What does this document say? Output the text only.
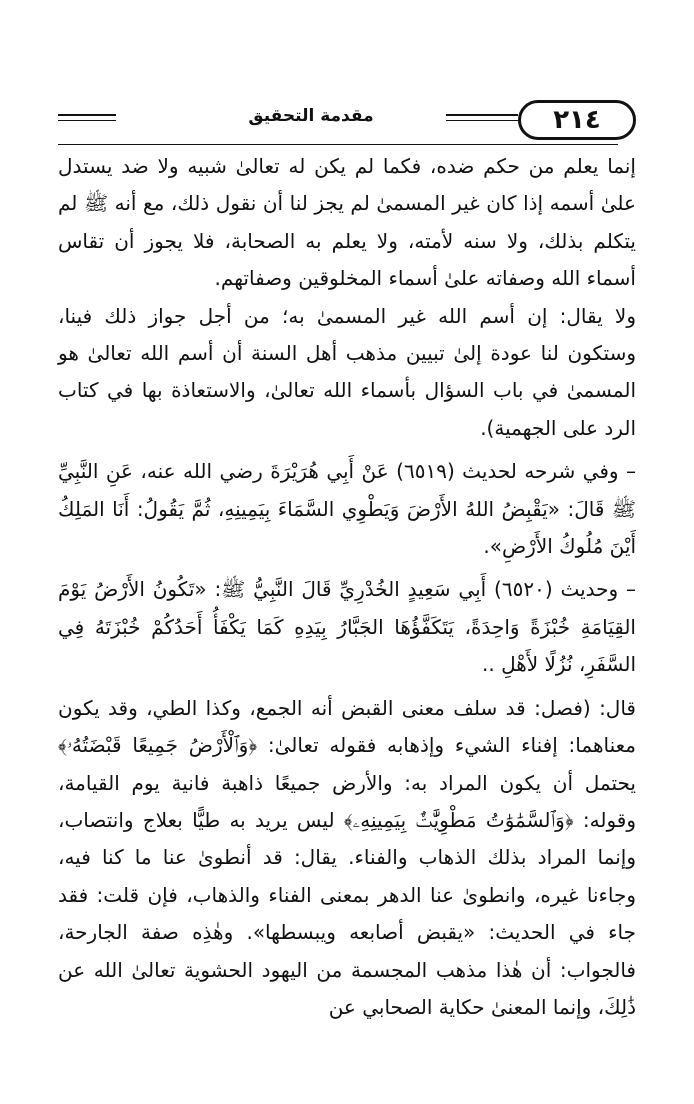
٢١٤
مقدمة التحقيق

إنما يعلم من حكم ضده، فكما لم يكن له تعالىٰ شبيه ولا ضد يستدل علىٰ أسمه إذا كان غير المسمىٰ لم يجز لنا أن نقول ذلك، مع أنه ﷺ لم يتكلم بذلك، ولا سنه لأمته، ولا يعلم به الصحابة، فلا يجوز أن تقاس أسماء الله وصفاته علىٰ أسماء المخلوقين وصفاتهم.

ولا يقال: إن أسم الله غير المسمىٰ به؛ من أجل جواز ذلك فينا، وستكون لنا عودة إلىٰ تبيين مذهب أهل السنة أن أسم الله تعالىٰ هو المسمىٰ في باب السؤال بأسماء الله تعالىٰ، والاستعاذة بها في كتاب الرد على الجهمية).

– وفي شرحه لحديث (٦٥١٩) عَنْ أَبِي هُرَيْرَةَ رضي الله عنه، عَنِ النَّبِيِّ ﷺ قَالَ: «يَقْبِضُ اللهُ الأَرْضَ وَيَطْوِي السَّمَاءَ بِيَمِينِهِ، ثُمَّ يَقُولُ: أَنَا المَلِكُ أَيْنَ مُلُوكُ الأَرْضِ».

– وحديث (٦٥٢٠) أَبِي سَعِيدٍ الخُدْرِيِّ قَالَ النَّبِيُّ ﷺ: «تَكُونُ الأَرْضُ يَوْمَ القِيَامَةِ خُبْزَةً وَاحِدَةً، يَتَكَفَّؤُهَا الجَبَّارُ بِيَدِهِ كَمَا يَكْفَأُ أَحَدُكُمْ خُبْزَتَهُ فِي السَّفَرِ، نُزُلًا لأَهْلِ ..

قال: (فصل: قد سلف معنى القبض أنه الجمع، وكذا الطي، وقد يكون معناهما: إفناء الشيء وإذهابه فقوله تعالىٰ: ﴿وَٱلْأَرْضُ جَمِيعًا قَبْضَتُهُۥ﴾ يحتمل أن يكون المراد به: والأرض جميعًا ذاهبة فانية يوم القيامة، وقوله: ﴿وَٱلسَّمَٰوَٰتُ مَطْوِيَّٰتٌۢ بِيَمِينِهِۦ﴾ ليس يريد به طيًّا بعلاج وانتصاب، وإنما المراد بذلك الذهاب والفناء. يقال: قد أنطوىٰ عنا ما كنا فيه، وجاءنا غيره، وانطوىٰ عنا الدهر بمعنى الفناء والذهاب، فإن قلت: فقد جاء في الحديث: «يقبض أصابعه ويبسطها». وهٰذِه صفة الجارحة، فالجواب: أن هٰذا مذهب المجسمة من اليهود الحشوية تعالىٰ الله عن ذَٰلِكَ، وإنما المعنىٰ حكاية الصحابي عن
